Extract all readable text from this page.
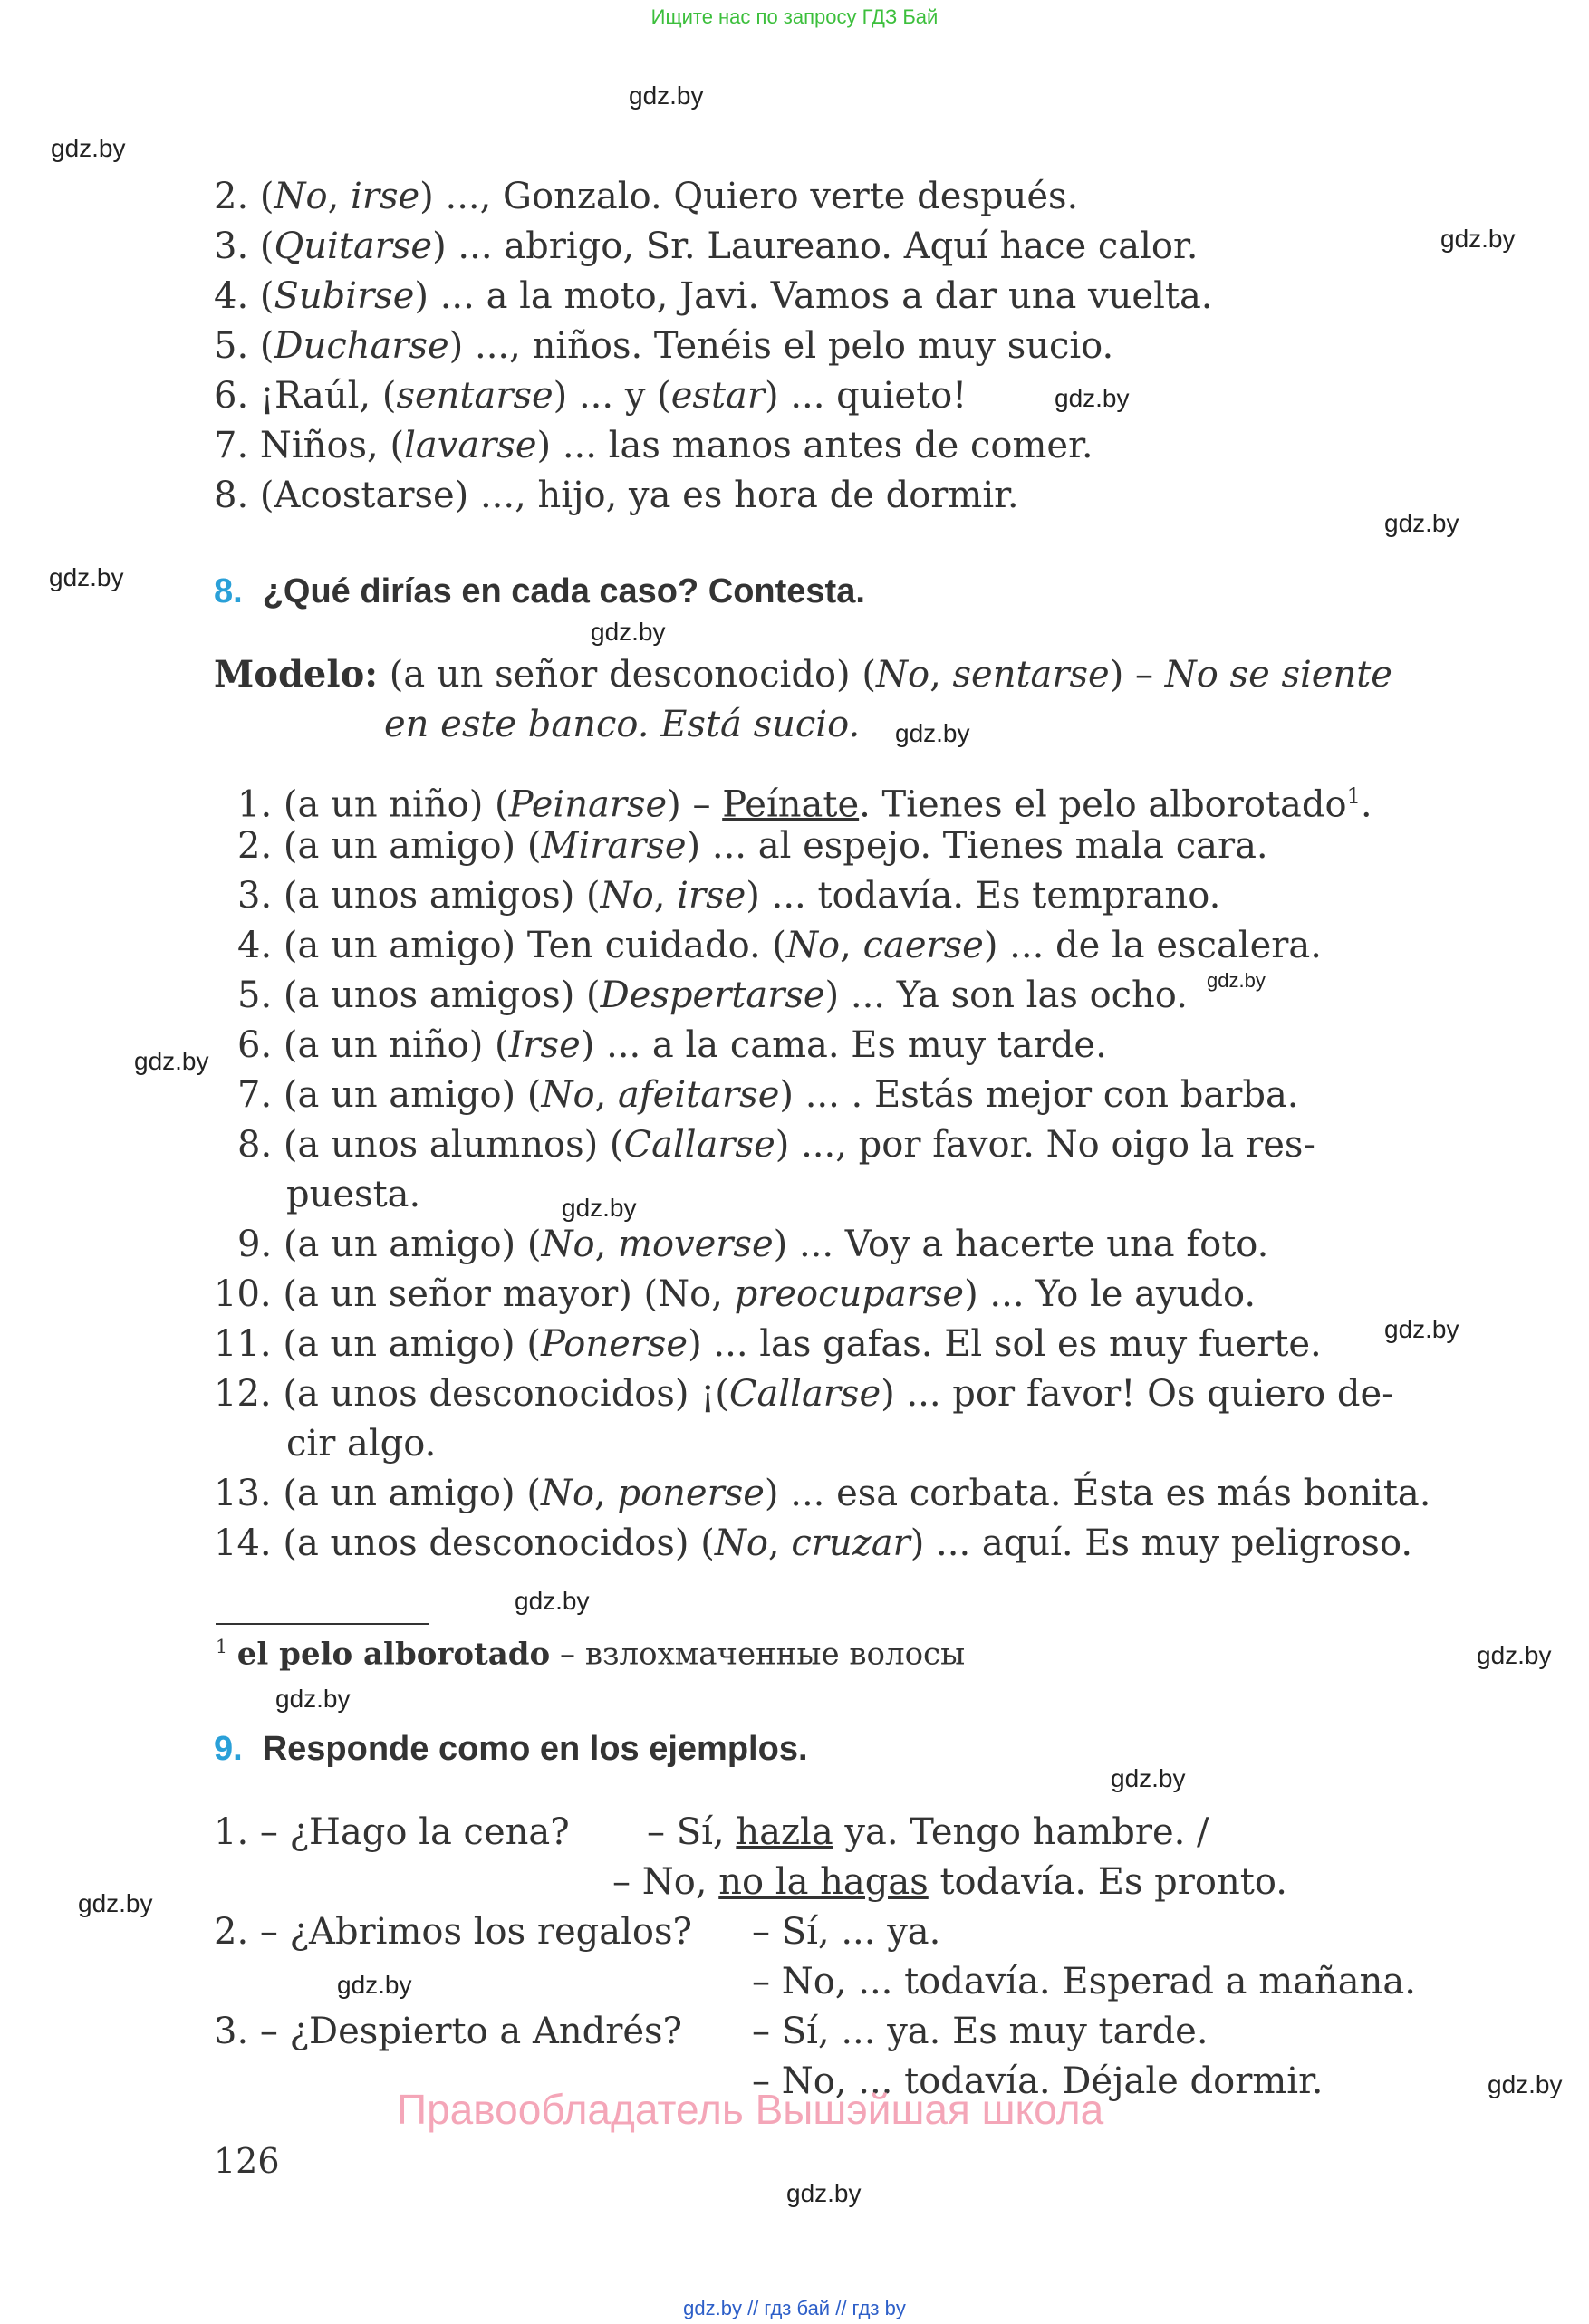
Ищите нас по запросу ГДЗ Бай
gdz.by
gdz.by
gdz.by
gdz.by
gdz.by
gdz.by
gdz.by
gdz.by
gdz.by
gdz.by
gdz.by
gdz.by
gdz.by
gdz.by
gdz.by
gdz.by
gdz.by
gdz.by
gdz.by
gdz.by
2. (No, irse) ..., Gonzalo. Quiero verte después.
3. (Quitarse) ... abrigo, Sr. Laureano. Aquí hace calor.
4. (Subirse) ... a la moto, Javi. Vamos a dar una vuelta.
5. (Ducharse) ..., niños. Tenéis el pelo muy sucio.
6. ¡Raúl, (sentarse) ... y (estar) ... quieto!
7. Niños, (lavarse) ... las manos antes de comer.
8. (Acostarse) ..., hijo, ya es hora de dormir.
8. ¿Qué dirías en cada caso? Contesta.
Modelo: (a un señor desconocido) (No, sentarse) – No se siente
en este banco. Está sucio.
1. (a un niño) (Peinarse) – Peínate. Tienes el pelo alborotado$^1$.
2. (a un amigo) (Mirarse) ... al espejo. Tienes mala cara.
3. (a unos amigos) (No, irse) ... todavía. Es temprano.
4. (a un amigo) Ten cuidado. (No, caerse) ... de la escalera.
5. (a unos amigos) (Despertarse) ... Ya son las ocho.
6. (a un niño) (Irse) ... a la cama. Es muy tarde.
7. (a un amigo) (No, afeitarse) ... . Estás mejor con barba.
8. (a unos alumnos) (Callarse) ..., por favor. No oigo la res-
puesta.
9. (a un amigo) (No, moverse) ... Voy a hacerte una foto.
10. (a un señor mayor) (No, preocuparse) ... Yo le ayudo.
11. (a un amigo) (Ponerse) ... las gafas. El sol es muy fuerte.
12. (a unos desconocidos) ¡(Callarse) ... por favor! Os quiero de-
cir algo.
13. (a un amigo) (No, ponerse) ... esa corbata. Ésta es más bonita.
14. (a unos desconocidos) (No, cruzar) ... aquí. Es muy peligroso.
$^1$ el pelo alborotado – взлохмаченные волосы
9. Responde como en los ejemplos.
1. – ¿Hago la cena? – Sí, hazla ya. Tengo hambre. /
– No, no la hagas todavía. Es pronto.
2. – ¿Abrimos los regalos? – Sí, ... ya.
– No, ... todavía. Esperad a mañana.
3. – ¿Despierto a Andrés? – Sí, ... ya. Es muy tarde.
– No, ... todavía. Déjale dormir.
Правообладатель Вышэйшая школа
126
gdz.by // гдз бай // гдз by
